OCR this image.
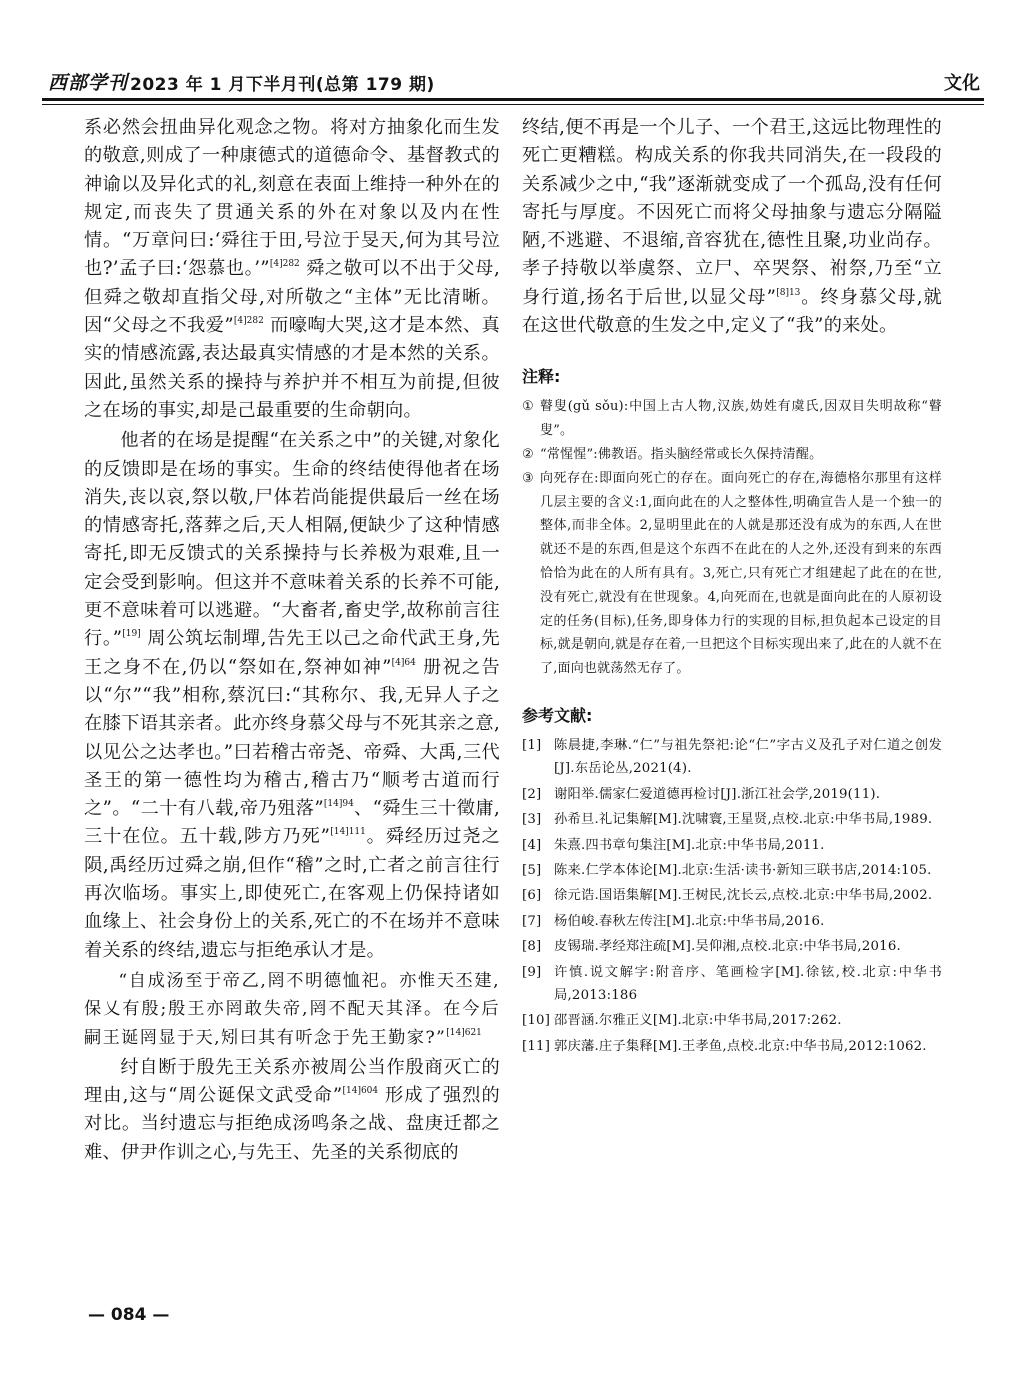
西部学刊 2023 年 1 月下半月刊(总第 179 期)	文化

系必然会扭曲异化观念之物。将对方抽象化而生发的敬意,则成了一种康德式的道德命令、基督教式的神谕以及异化式的礼,刻意在表面上维持一种外在的规定,而丧失了贯通关系的外在对象以及内在性情。“万章问曰:‘舜往于田,号泣于旻天,何为其号泣也?’孟子曰:‘怨慕也。’”$^{[4]282}$ 舜之敬可以不出于父母,但舜之敬却直指父母,对所敬之“主体”无比清晰。因“父母之不我爱”$^{[4]282}$ 而嚎啕大哭,这才是本然、真实的情感流露,表达最真实情感的才是本然的关系。因此,虽然关系的操持与养护并不相互为前提,但彼之在场的事实,却是己最重要的生命朝向。

他者的在场是提醒“在关系之中”的关键,对象化的反馈即是在场的事实。生命的终结使得他者在场消失,丧以哀,祭以敬,尸体若尚能提供最后一丝在场的情感寄托,落葬之后,天人相隔,便缺少了这种情感寄托,即无反馈式的关系操持与长养极为艰难,且一定会受到影响。但这并不意味着关系的长养不可能,更不意味着可以逃避。“大畜者,畜史学,故称前言往行。”[19] 周公筑坛制墠,告先王以己之命代武王身,先王之身不在,仍以“祭如在,祭神如神”$^{[4]64}$ 册祝之告以“尔”“我”相称,蔡沉曰:“其称尔、我,无异人子之在膝下语其亲者。此亦终身慕父母与不死其亲之意,以见公之达孝也。”曰若稽古帝尧、帝舜、大禹,三代圣王的第一德性均为稽古,稽古乃“顺考古道而行之”。“二十有八载,帝乃殂落”$^{[14]94}$、“舜生三十徵庸,三十在位。五十载,陟方乃死”$^{[14]111}$。舜经历过尧之陨,禹经历过舜之崩,但作“稽”之时,亡者之前言往行再次临场。事实上,即使死亡,在客观上仍保持诸如血缘上、社会身份上的关系,死亡的不在场并不意味着关系的终结,遗忘与拒绝承认才是。

“自成汤至于帝乙,罔不明德恤祀。亦惟天丕建,保乂有殷;殷王亦罔敢失帝,罔不配天其泽。在今后嗣王诞罔显于天,矧曰其有听念于先王勤家?”$^{[14]621}$

纣自断于殷先王关系亦被周公当作殷商灭亡的理由,这与“周公诞保文武受命”$^{[14]604}$ 形成了强烈的对比。当纣遗忘与拒绝成汤鸣条之战、盘庚迁都之难、伊尹作训之心,与先王、先圣的关系彻底的

终结,便不再是一个儿子、一个君王,这远比物理性的死亡更糟糕。构成关系的你我共同消失,在一段段的关系减少之中,“我”逐渐就变成了一个孤岛,没有任何寄托与厚度。不因死亡而将父母抽象与遗忘分隔隘陋,不逃避、不退缩,音容犹在,德性且聚,功业尚存。孝子持敬以举虞祭、立尸、卒哭祭、祔祭,乃至“立身行道,扬名于后世,以显父母”$^{[8]13}$。终身慕父母,就在这世代敬意的生发之中,定义了“我”的来处。

注释:
① 瞽叟(gǔ sǒu):中国上古人物,汉族,妫姓有虞氏,因双目失明故称“瞽叟”。
② “常惺惺”:佛教语。指头脑经常或长久保持清醒。
③ 向死存在:即面向死亡的存在。面向死亡的存在,海德格尔那里有这样几层主要的含义:1,面向此在的人之整体性,明确宣告人是一个独一的整体,而非全体。2,显明里此在的人就是那还没有成为的东西,人在世就还不是的东西,但是这个东西不在此在的人之外,还没有到来的东西恰恰为此在的人所有具有。3,死亡,只有死亡才组建起了此在的在世,没有死亡,就没有在世现象。4,向死而在,也就是面向此在的人原初设定的任务(目标),任务,即身体力行的实现的目标,担负起本己设定的目标,就是朝向,就是存在着,一旦把这个目标实现出来了,此在的人就不在了,面向也就荡然无存了。
参考文献:
[1] 陈晨捷,李琳.“仁”与祖先祭祀:论“仁”字古义及孔子对仁道之创发[J].东岳论丛,2021(4).
[2] 谢阳举.儒家仁爱道德再检讨[J].浙江社会学,2019(11).
[3] 孙希旦.礼记集解[M].沈啸寰,王星贤,点校.北京:中华书局,1989.
[4] 朱熹.四书章句集注[M].北京:中华书局,2011.
[5] 陈来.仁学本体论[M].北京:生活·读书·新知三联书店,2014:105.
[6] 徐元诰.国语集解[M].王树民,沈长云,点校.北京:中华书局,2002.
[7] 杨伯峻.春秋左传注[M].北京:中华书局,2016.
[8] 皮锡瑞.孝经郑注疏[M].吴仰湘,点校.北京:中华书局,2016.
[9] 许慎.说文解字:附音序、笔画检字[M].徐铉,校.北京:中华书局,2013:186
[10] 邵晋涵.尔雅正义[M].北京:中华书局,2017:262.
[11] 郭庆藩.庄子集释[M].王孝鱼,点校.北京:中华书局,2012:1062.
— 084 —
